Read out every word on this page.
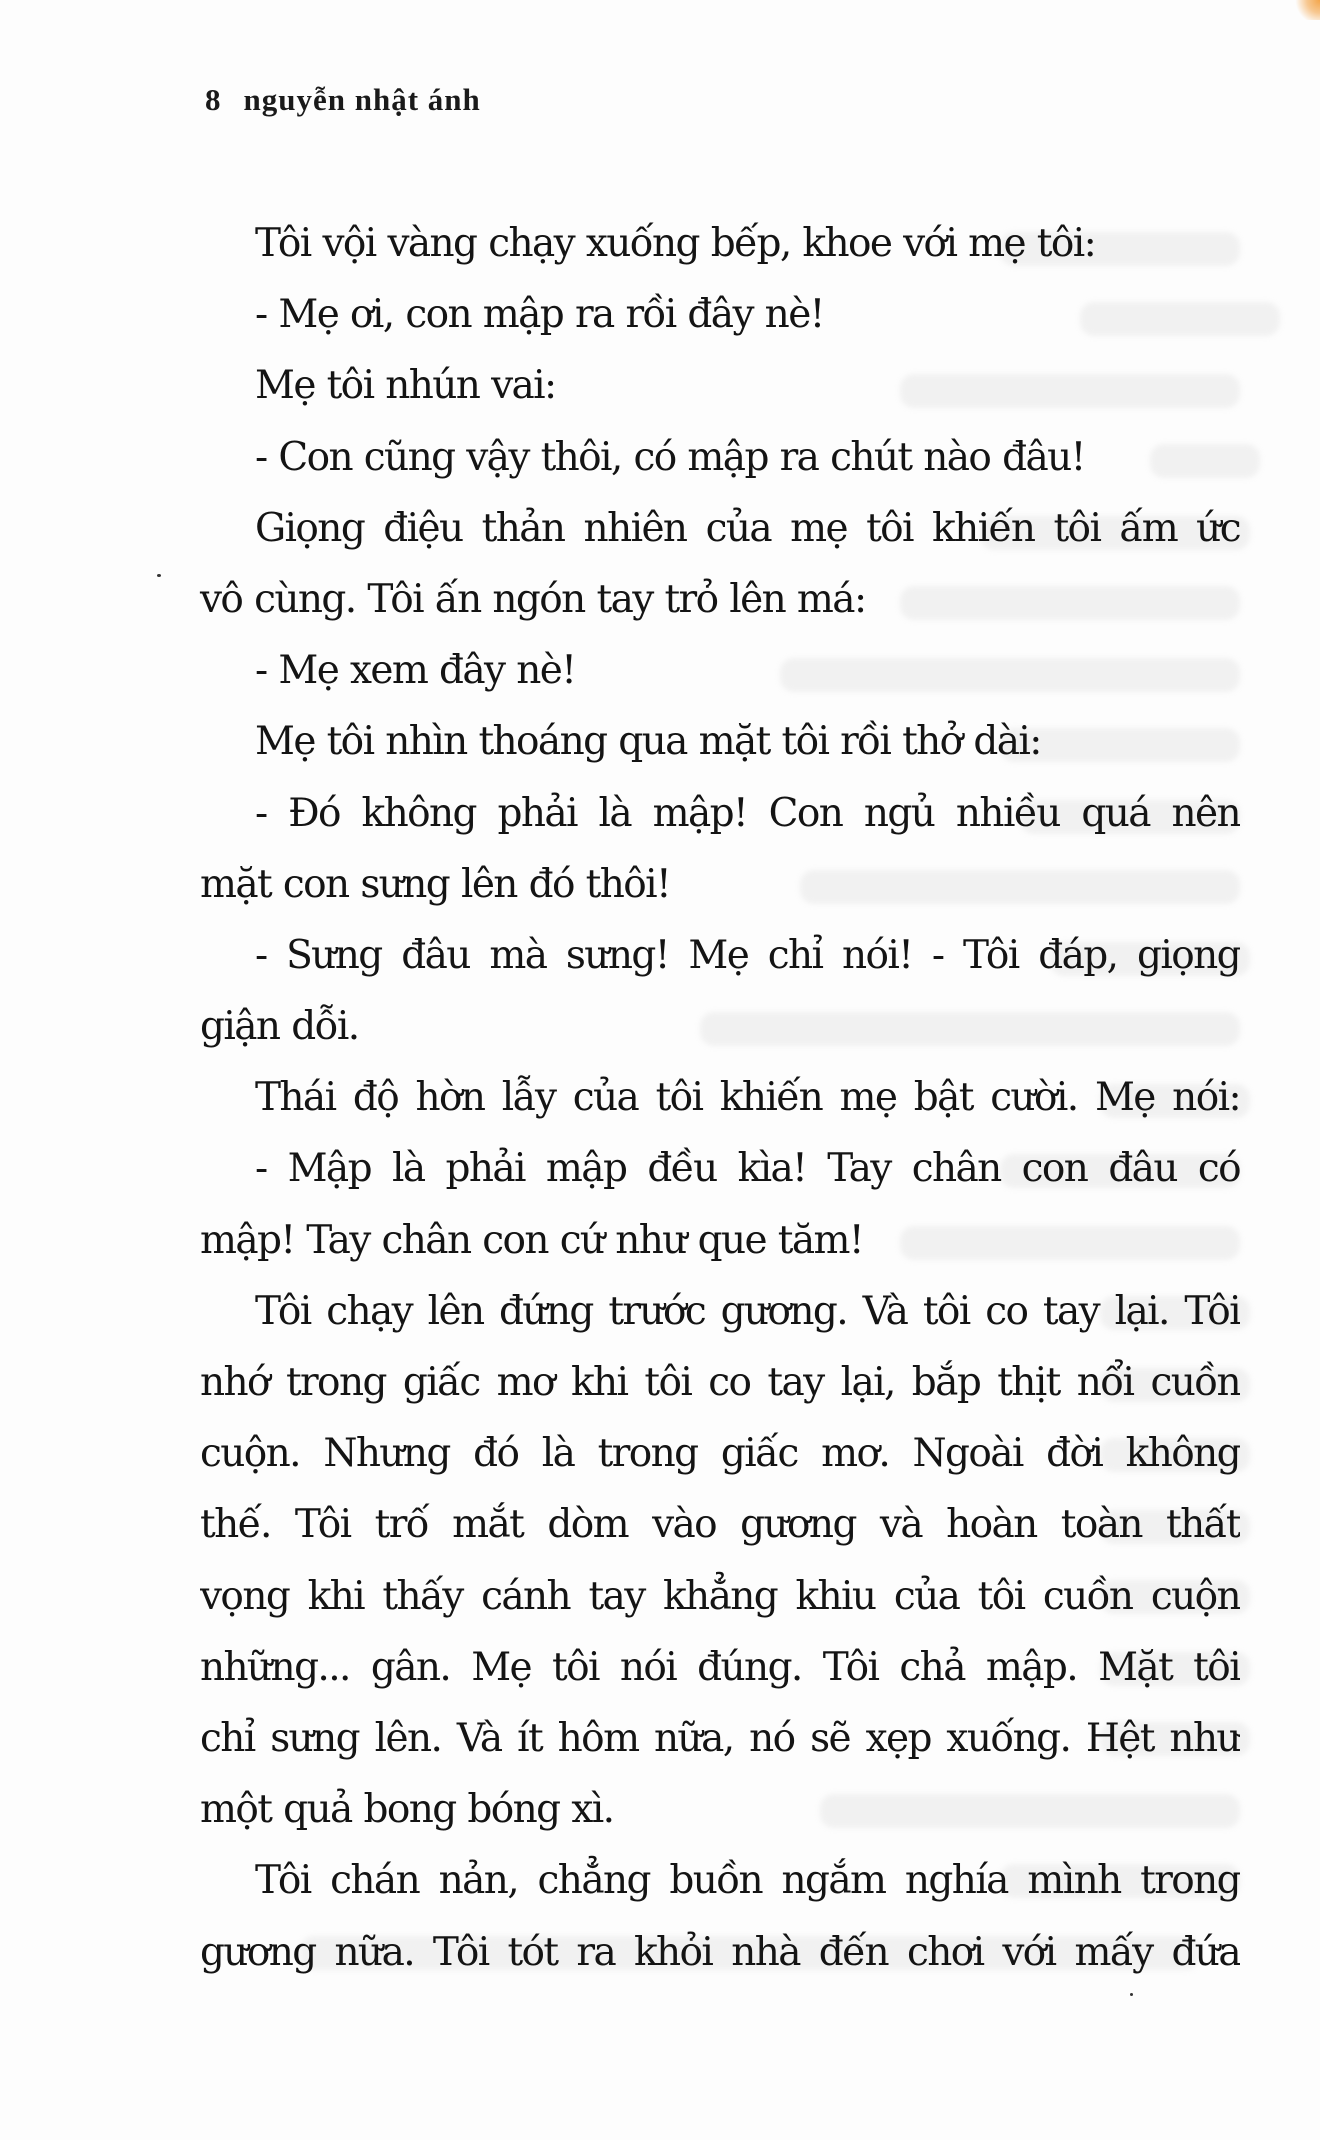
8 nguyễn nhật ánh
Tôi vội vàng chạy xuống bếp, khoe với mẹ tôi:
- Mẹ ơi, con mập ra rồi đây nè!
Mẹ tôi nhún vai:
- Con cũng vậy thôi, có mập ra chút nào đâu!
Giọng điệu thản nhiên của mẹ tôi khiến tôi ấm ức
vô cùng. Tôi ấn ngón tay trỏ lên má:
- Mẹ xem đây nè!
Mẹ tôi nhìn thoáng qua mặt tôi rồi thở dài:
- Đó không phải là mập! Con ngủ nhiều quá nên
mặt con sưng lên đó thôi!
- Sưng đâu mà sưng! Mẹ chỉ nói! - Tôi đáp, giọng
giận dỗi.
Thái độ hờn lẫy của tôi khiến mẹ bật cười. Mẹ nói:
- Mập là phải mập đều kìa! Tay chân con đâu có
mập! Tay chân con cứ như que tăm!
Tôi chạy lên đứng trước gương. Và tôi co tay lại. Tôi
nhớ trong giấc mơ khi tôi co tay lại, bắp thịt nổi cuồn
cuộn. Nhưng đó là trong giấc mơ. Ngoài đời không
thế. Tôi trố mắt dòm vào gương và hoàn toàn thất
vọng khi thấy cánh tay khẳng khiu của tôi cuồn cuộn
những... gân. Mẹ tôi nói đúng. Tôi chả mập. Mặt tôi
chỉ sưng lên. Và ít hôm nữa, nó sẽ xẹp xuống. Hệt như
một quả bong bóng xì.
Tôi chán nản, chẳng buồn ngắm nghía mình trong
gương nữa. Tôi tót ra khỏi nhà đến chơi với mấy đứa
